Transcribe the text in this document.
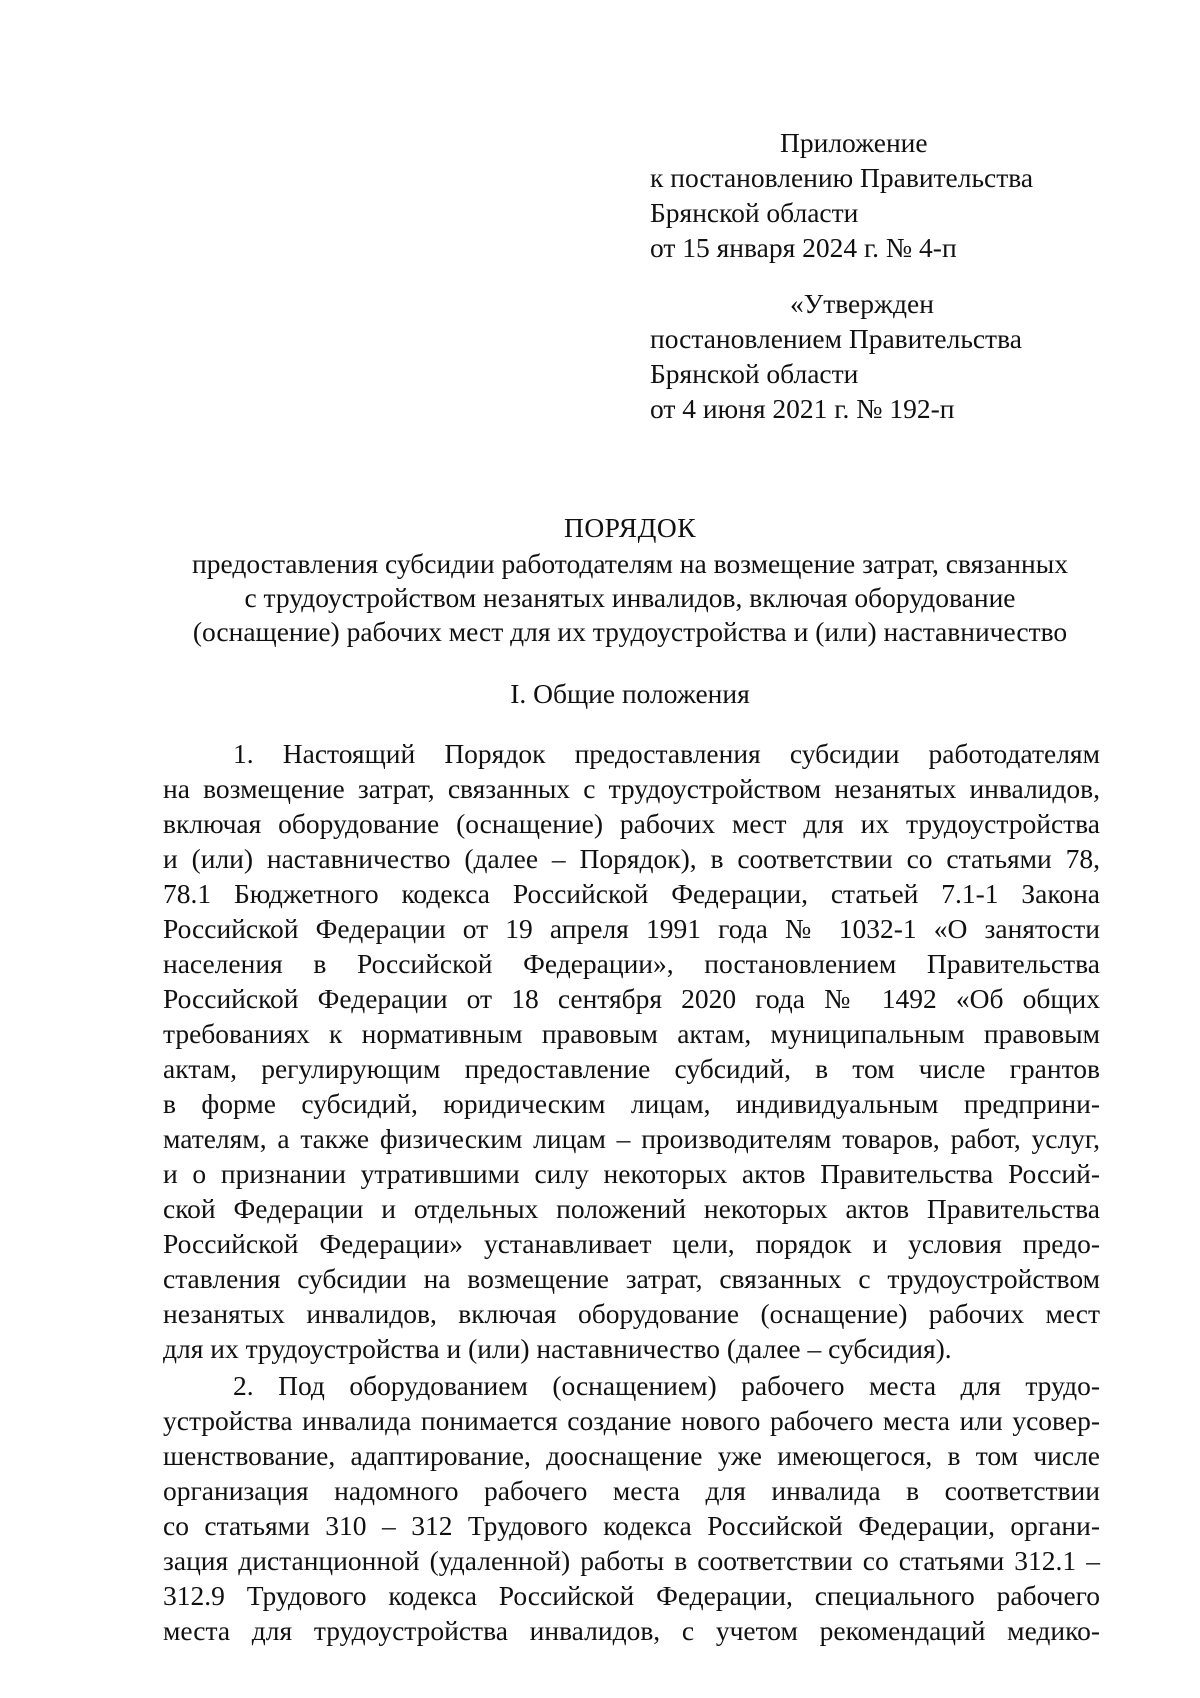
Приложение
к постановлению Правительства
Брянской области
от 15 января 2024 г. № 4-п
«Утвержден
постановлением Правительства
Брянской области
от 4 июня 2021 г. № 192-п
ПОРЯДОК
предоставления субсидии работодателям на возмещение затрат, связанных
с трудоустройством незанятых инвалидов, включая оборудование
(оснащение) рабочих мест для их трудоустройства и (или) наставничество
I. Общие положения
1. Настоящий Порядок предоставления субсидии работодателям
на возмещение затрат, связанных с трудоустройством незанятых инвалидов,
включая оборудование (оснащение) рабочих мест для их трудоустройства
и (или) наставничество (далее – Порядок), в соответствии со статьями 78,
78.1 Бюджетного кодекса Российской Федерации, статьей 7.1-1 Закона
Российской Федерации от 19 апреля 1991 года № 1032-1 «О занятости
населения в Российской Федерации», постановлением Правительства
Российской Федерации от 18 сентября 2020 года № 1492 «Об общих
требованиях к нормативным правовым актам, муниципальным правовым
актам, регулирующим предоставление субсидий, в том числе грантов
в форме субсидий, юридическим лицам, индивидуальным предприни-
мателям, а также физическим лицам – производителям товаров, работ, услуг,
и о признании утратившими силу некоторых актов Правительства Россий-
ской Федерации и отдельных положений некоторых актов Правительства
Российской Федерации» устанавливает цели, порядок и условия предо-
ставления субсидии на возмещение затрат, связанных с трудоустройством
незанятых инвалидов, включая оборудование (оснащение) рабочих мест
для их трудоустройства и (или) наставничество (далее – субсидия).
2. Под оборудованием (оснащением) рабочего места для трудо-
устройства инвалида понимается создание нового рабочего места или усовер-
шенствование, адаптирование, дооснащение уже имеющегося, в том числе
организация надомного рабочего места для инвалида в соответствии
со статьями 310 – 312 Трудового кодекса Российской Федерации, органи-
зация дистанционной (удаленной) работы в соответствии со статьями 312.1 –
312.9 Трудового кодекса Российской Федерации, специального рабочего
места для трудоустройства инвалидов, с учетом рекомендаций медико-
